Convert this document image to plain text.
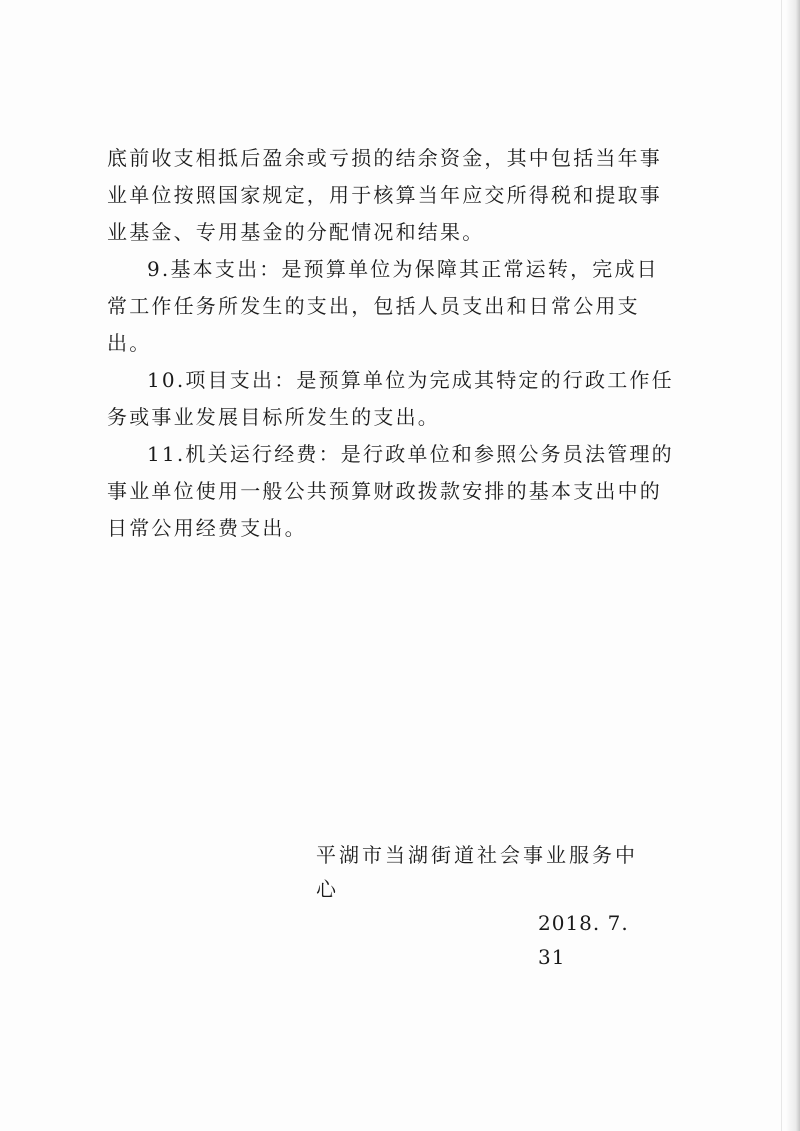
底前收支相抵后盈余或亏损的结余资金，其中包括当年事业单位按照国家规定，用于核算当年应交所得税和提取事业基金、专用基金的分配情况和结果。

9.基本支出：是预算单位为保障其正常运转，完成日常工作任务所发生的支出，包括人员支出和日常公用支出。

10.项目支出：是预算单位为完成其特定的行政工作任务或事业发展目标所发生的支出。

11.机关运行经费：是行政单位和参照公务员法管理的事业单位使用一般公共预算财政拨款安排的基本支出中的日常公用经费支出。

平湖市当湖街道社会事业服务中心
2018. 7. 31
